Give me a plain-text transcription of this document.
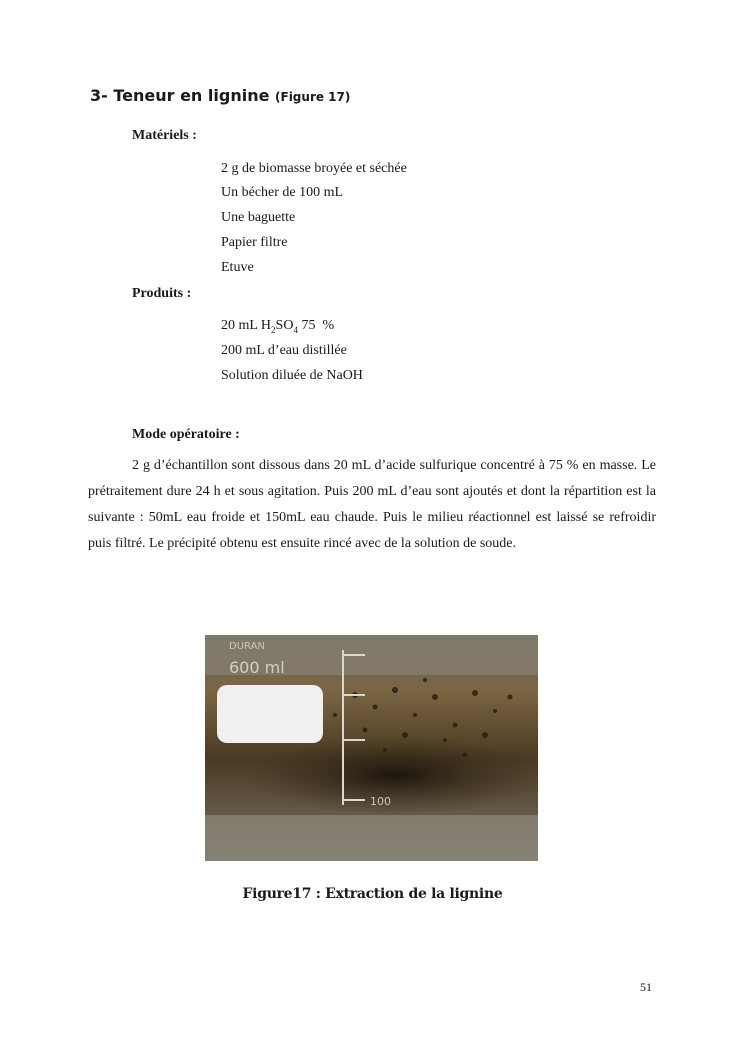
3- Teneur en lignine (Figure 17)
Matériels :
2 g de biomasse broyée et séchée
Un bécher de 100 mL
Une baguette
Papier filtre
Etuve
Produits :
20 mL $H_2SO_4$ 75  %
200 mL d’eau distillée
Solution diluée de NaOH
Mode opératoire :
2 g d’échantillon sont dissous dans 20 mL d’acide sulfurique concentré à 75 % en masse. Le prétraitement dure 24 h et sous agitation. Puis 200 mL d’eau sont ajoutés et dont la répartition est la suivante : 50mL eau froide et 150mL eau chaude. Puis le milieu réactionnel est laissé se refroidir puis filtré. Le précipité obtenu est ensuite rincé avec de la solution de soude.
DURAN
600 ml
100
Figure17 : Extraction de la lignine
51
